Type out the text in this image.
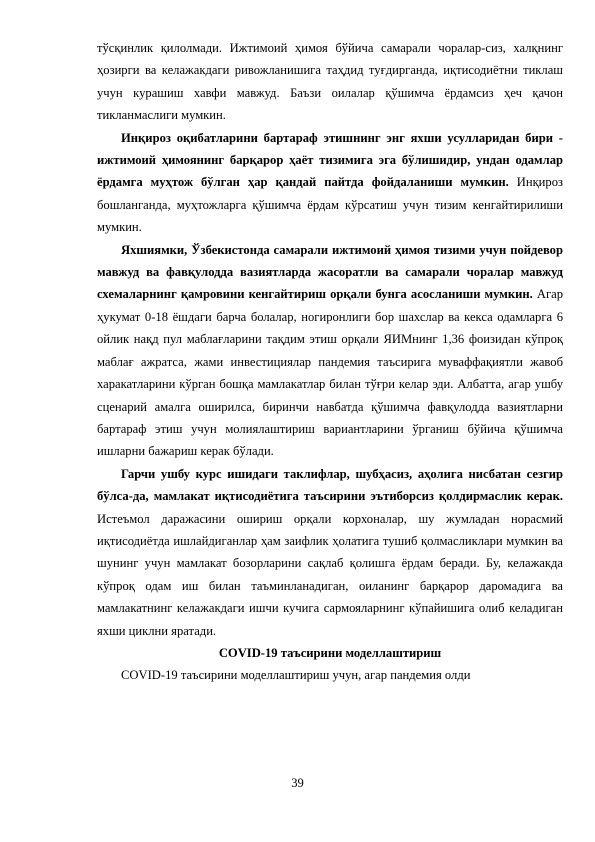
тўсқинлик қилолмади. Ижтимоий ҳимоя бўйича самарали чоралар-сиз, халқнинг ҳозирги ва келажакдаги ривожланишига таҳдид туғдирганда, иқтисодиётни тиклаш учун курашиш хавфи мавжуд. Баъзи оилалар қўшимча ёрдамсиз ҳеч қачон тикланмаслиги мумкин.

Инқироз оқибатларини бартараф этишнинг энг яхши усулларидан бири - ижтимоий ҳимоянинг барқарор ҳаёт тизимига эга бўлишидир, ундан одамлар ёрдамга муҳтож бўлган ҳар қандай пайтда фойдаланиши мумкин. Инқироз бошланганда, муҳтожларга қўшимча ёрдам кўрсатиш учун тизим кенгайтирилиши мумкин.

Яхшиямки, Ўзбекистонда самарали ижтимоий ҳимоя тизими учун пойдевор мавжуд ва фавқулодда вазиятларда жасоратли ва самарали чоралар мавжуд схемаларнинг қамровини кенгайтириш орқали бунга асосланиши мумкин. Агар ҳукумат 0-18 ёшдаги барча болалар, ногиронлиги бор шахслар ва кекса одамларга 6 ойлик нақд пул маблағларини тақдим этиш орқали ЯИМнинг 1,36 фоизидан кўпроқ маблағ ажратса, жами инвестициялар пандемия таъсирига муваффақиятли жавоб харакатларини кўрган бошқа мамлакатлар билан тўғри келар эди. Албатта, агар ушбу сценарий амалга оширилса, биринчи навбатда қўшимча фавқулодда вазиятларни бартараф этиш учун молиялаштириш вариантларини ўрганиш бўйича қўшимча ишларни бажариш керак бўлади.

Гарчи ушбу курс ишидаги таклифлар, шубҳасиз, аҳолига нисбатан сезгир бўлса-да, мамлакат иқтисодиётига таъсирини эътиборсиз қолдирмаслик керак. Истеъмол даражасини ошириш орқали корхоналар, шу жумладан норасмий иқтисодиётда ишлайдиганлар ҳам заифлик ҳолатига тушиб қолмасликлари мумкин ва шунинг учун мамлакат бозорларини сақлаб қолишга ёрдам беради. Бу, келажакда кўпроқ одам иш билан таъминланадиган, оиланинг барқарор даромадига ва мамлакатнинг келажакдаги ишчи кучига сармояларнинг кўпайишига олиб келадиган яхши циклни яратади.

COVID-19 таъсирини моделлаштириш

COVID-19 таъсирини моделлаштириш учун, агар пандемия олди

39
